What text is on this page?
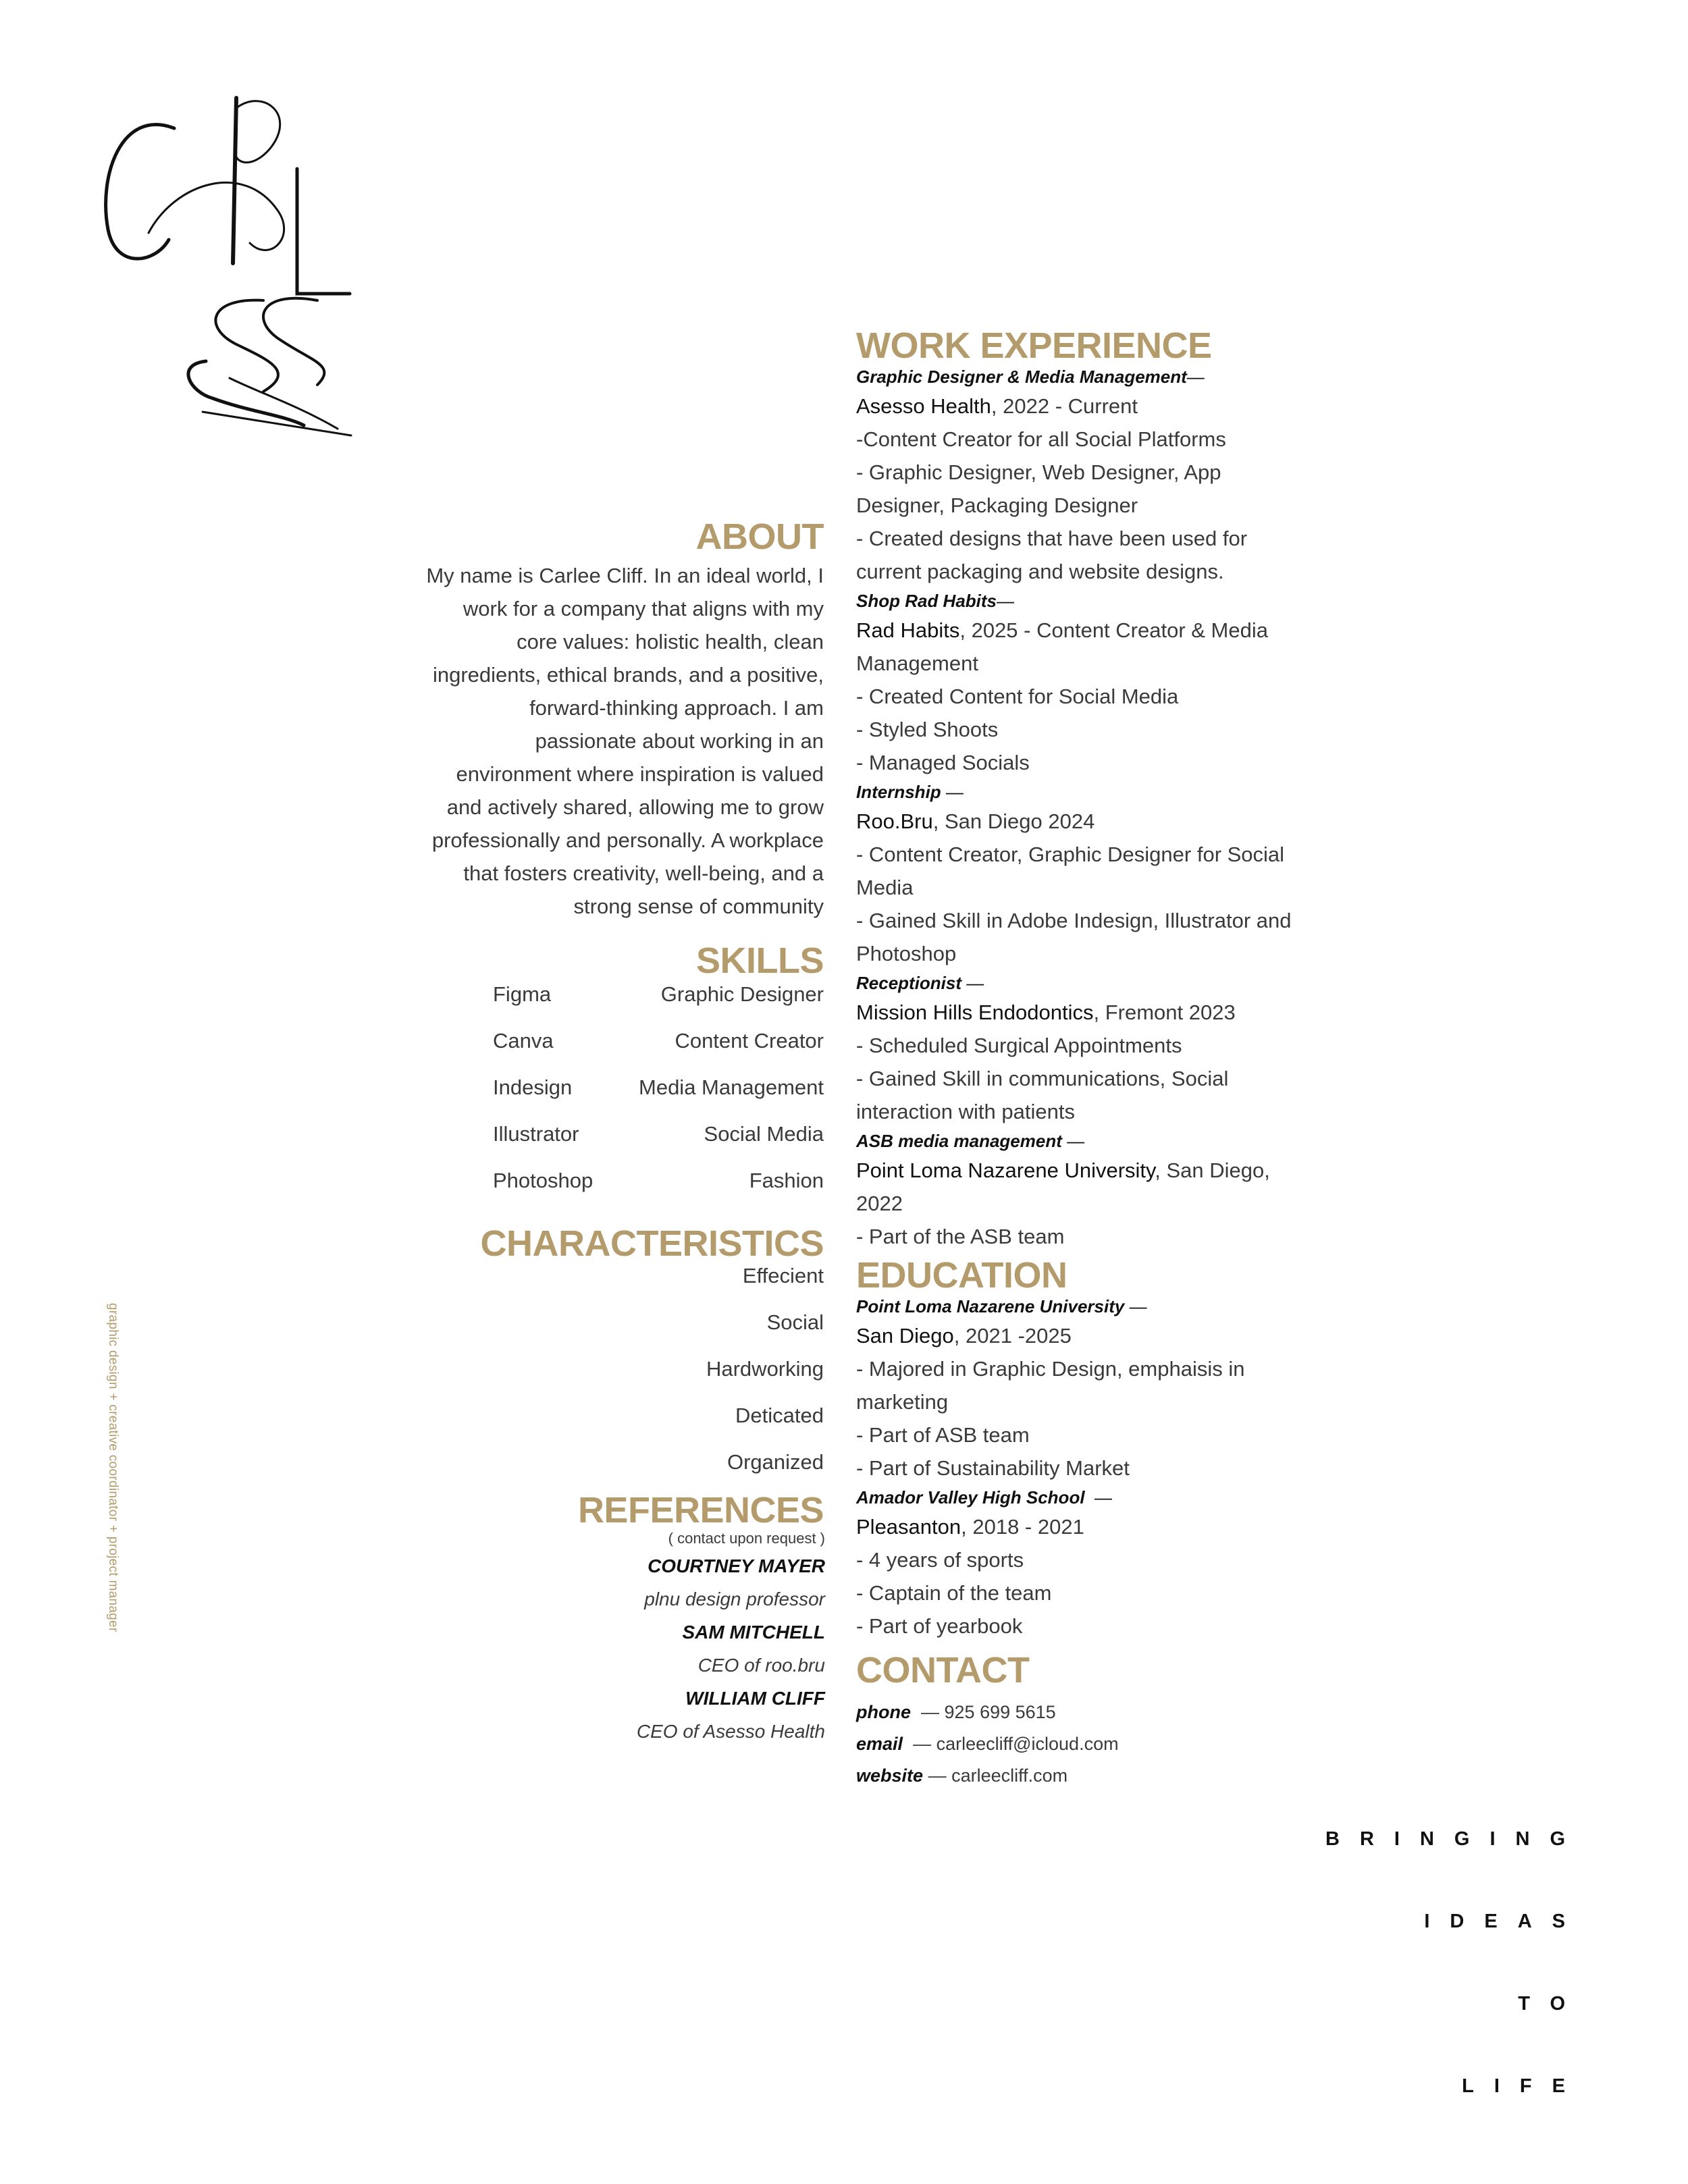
graphic design + creative coordinator + project manager
ABOUT
My name is Carlee Cliff. In an ideal world, I work for a company that aligns with my core values: holistic health, clean ingredients, ethical brands, and a positive, forward-thinking approach. I am passionate about working in an environment where inspiration is valued and actively shared, allowing me to grow professionally and personally. A workplace that fosters creativity, well-being, and a strong sense of community
SKILLS
Figma
Canva
Indesign
Illustrator
Photoshop
Graphic Designer
Content Creator
Media Management
Social Media
Fashion
CHARACTERISTICS
Effecient
Social
Hardworking
Deticated
Organized
REFERENCES
( contact upon request )
COURTNEY MAYER
plnu design professor
SAM MITCHELL
CEO of roo.bru
WILLIAM CLIFF
CEO of Asesso Health
WORK EXPERIENCE
Graphic Designer & Media Management—
Asesso Health, 2022 - Current
-Content Creator for all Social Platforms
- Graphic Designer, Web Designer, App Designer, Packaging Designer
- Created designs that have been used for current packaging and website designs.
Shop Rad Habits—
Rad Habits, 2025 - Content Creator & Media Management
- Created Content for Social Media
- Styled Shoots
- Managed Socials
Internship —
Roo.Bru, San Diego 2024
- Content Creator, Graphic Designer for Social Media
- Gained Skill in Adobe Indesign, Illustrator and Photoshop
Receptionist —
Mission Hills Endodontics, Fremont 2023
- Scheduled Surgical Appointments
- Gained Skill in communications, Social interaction with patients
ASB media management —
Point Loma Nazarene University, San Diego, 2022
- Part of the ASB team
EDUCATION
Point Loma Nazarene University —
San Diego, 2021 -2025
- Majored in Graphic Design, emphaisis in marketing
- Part of ASB team
- Part of Sustainability Market
Amador Valley High School  —
Pleasanton, 2018 - 2021
- 4 years of sports
- Captain of the team
- Part of yearbook
CONTACT
phone — 925 699 5615
email — carleecliff@icloud.com
website — carleecliff.com
BRINGING
IDEAS
TO
LIFE
